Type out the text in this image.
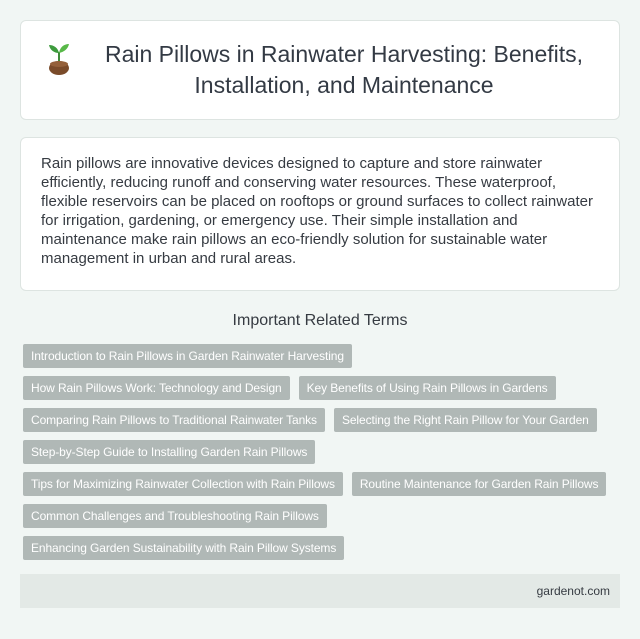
Rain Pillows in Rainwater Harvesting: Benefits, Installation, and Maintenance

Rain pillows are innovative devices designed to capture and store rainwater efficiently, reducing runoff and conserving water resources. These waterproof, flexible reservoirs can be placed on rooftops or ground surfaces to collect rainwater for irrigation, gardening, or emergency use. Their simple installation and maintenance make rain pillows an eco-friendly solution for sustainable water management in urban and rural areas.

Important Related Terms
Introduction to Rain Pillows in Garden Rainwater Harvesting
How Rain Pillows Work: Technology and Design	Key Benefits of Using Rain Pillows in Gardens
Comparing Rain Pillows to Traditional Rainwater Tanks	Selecting the Right Rain Pillow for Your Garden
Step-by-Step Guide to Installing Garden Rain Pillows
Tips for Maximizing Rainwater Collection with Rain Pillows	Routine Maintenance for Garden Rain Pillows
Common Challenges and Troubleshooting Rain Pillows
Enhancing Garden Sustainability with Rain Pillow Systems
gardenot.com
